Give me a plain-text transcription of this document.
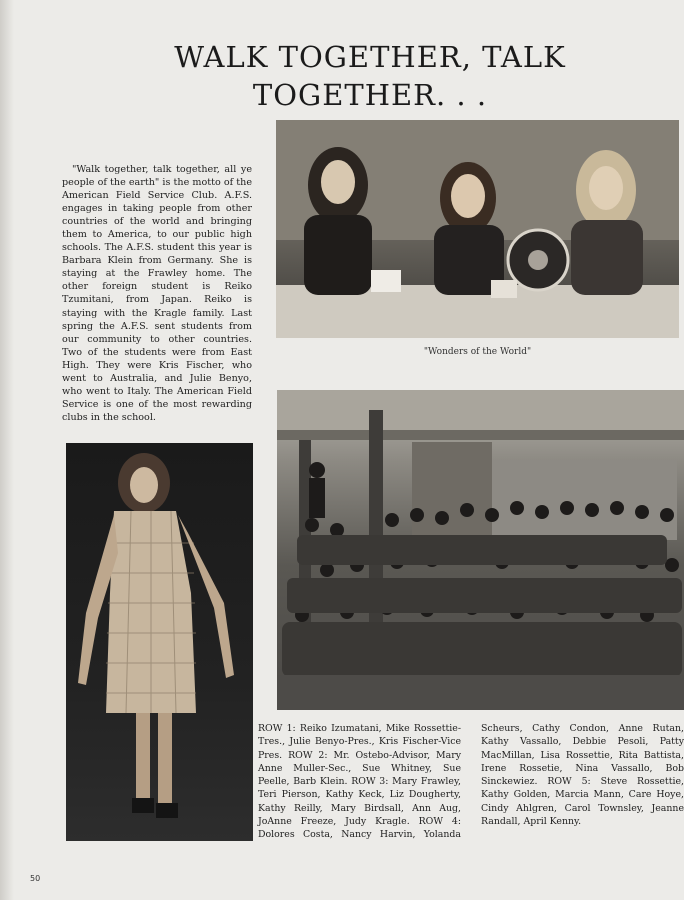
WALK TOGETHER, TALK
TOGETHER. . .

"Walk together, talk together, all ye people of the earth" is the motto of the American Field Service Club. A.F.S. engages in taking people from other countries of the world and bringing them to America, to our public high schools. The A.F.S. student this year is Barbara Klein from Germany. She is staying at the Frawley home. The other foreign student is Reiko Tzumitani, from Japan. Reiko is staying with the Kragle family. Last spring the A.F.S. sent students from our community to other countries. Two of the students were from East High. They were Kris Fischer, who went to Australia, and Julie Benyo, who went to Italy. The American Field Service is one of the most rewarding clubs in the school.

"Wonders of the World"

ROW 1: Reiko Izumatani, Mike Rossettie-Tres., Julie Benyo-Pres., Kris Fischer-Vice Pres. ROW 2: Mr. Ostebo-Advisor, Mary Anne Muller-Sec., Sue Whitney, Sue Peelle, Barb Klein. ROW 3: Mary Frawley, Teri Pierson, Kathy Keck, Liz Dougherty, Kathy Reilly, Mary Birdsall, Ann Aug, JoAnne Freeze, Judy Kragle. ROW 4: Dolores Costa, Nancy Harvin, Yolanda Scheurs, Cathy Condon, Anne Rutan, Kathy Vassallo, Debbie Pesoli, Patty MacMillan, Lisa Rossettie, Rita Battista, Irene Rossetie, Nina Vassallo, Bob Sinckewiez. ROW 5: Steve Rossettie, Kathy Golden, Marcia Mann, Care Hoye, Cindy Ahlgren, Carol Townsley, Jeanne Randall, April Kenny.

50
